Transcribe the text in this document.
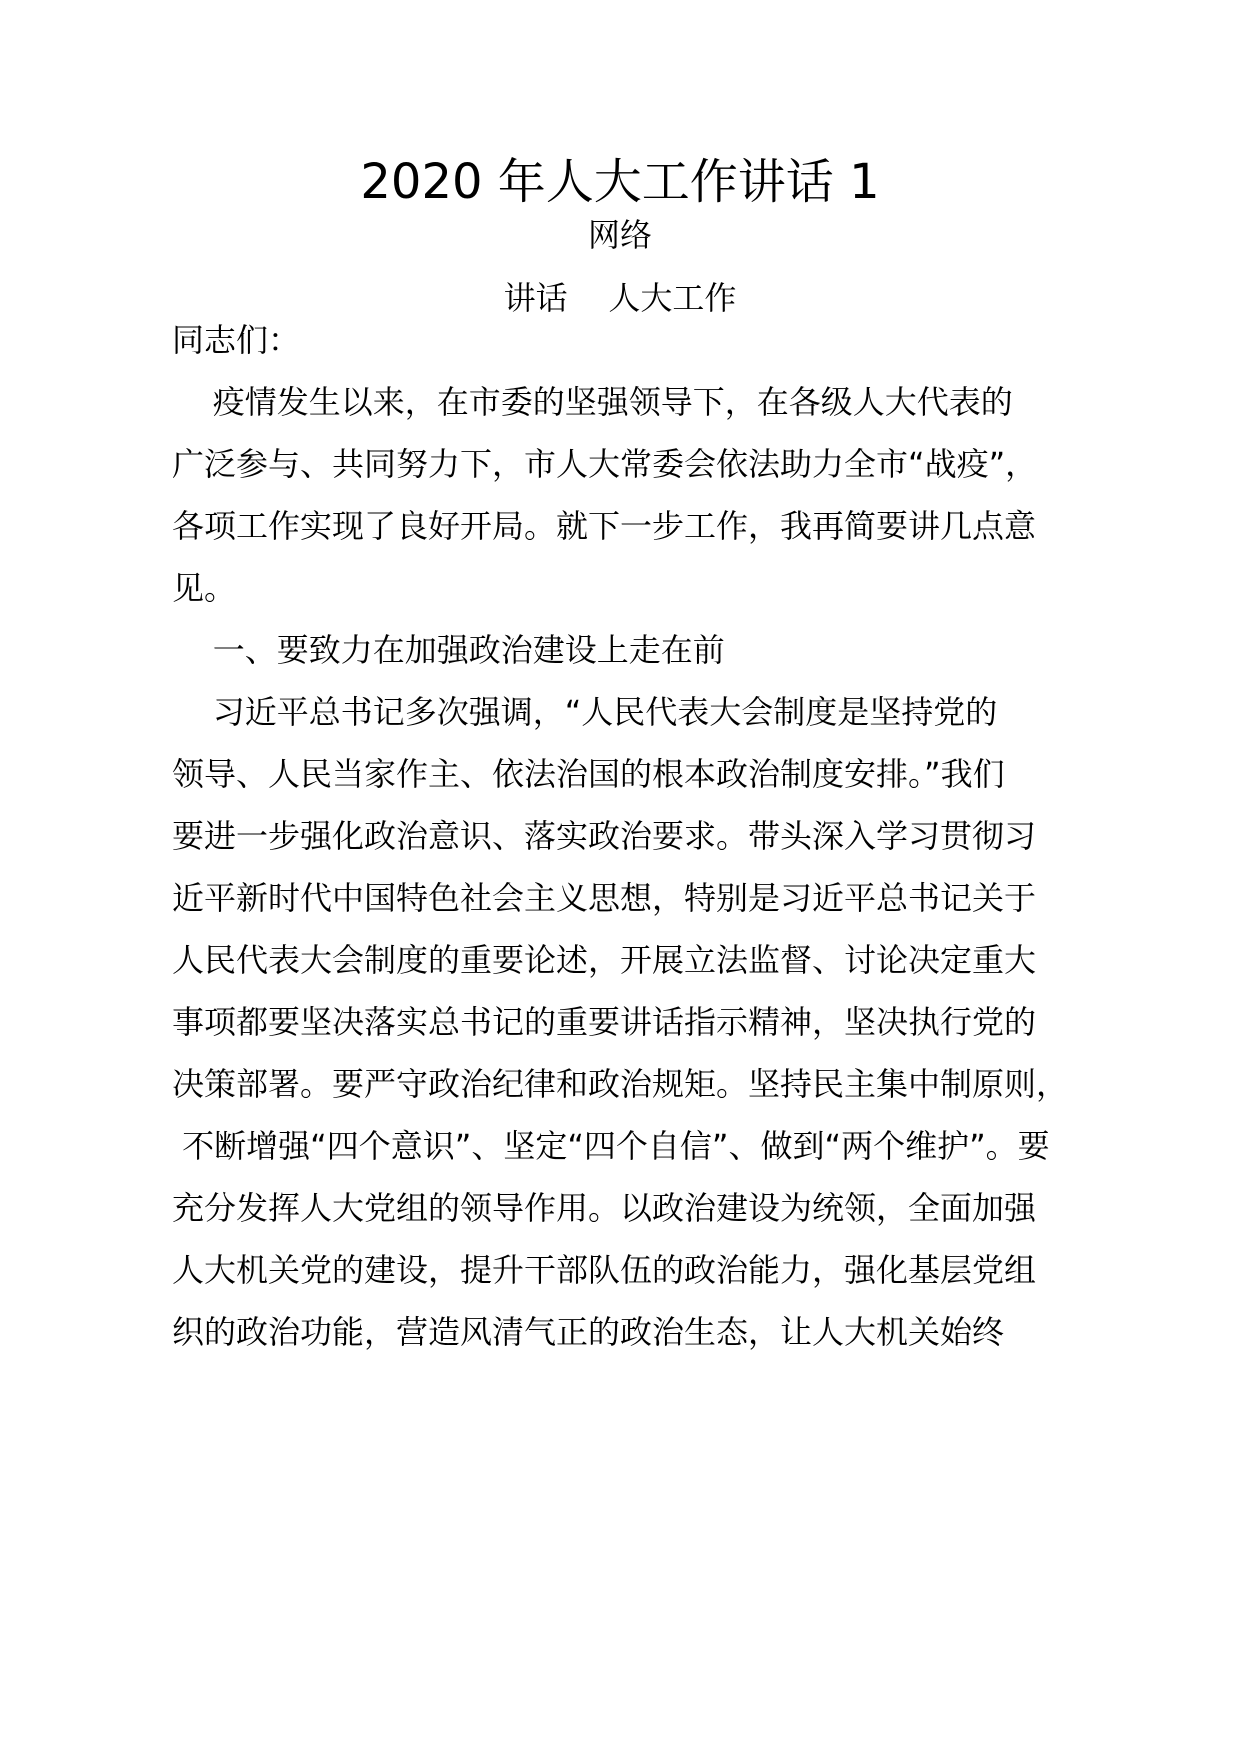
2020 年人大工作讲话 1
网络
讲话    人大工作
同志们：
疫情发生以来，在市委的坚强领导下，在各级人大代表的
广泛参与、共同努力下，市人大常委会依法助力全市“战疫”，
各项工作实现了良好开局。就下一步工作，我再简要讲几点意
见。
一、要致力在加强政治建设上走在前
习近平总书记多次强调，“人民代表大会制度是坚持党的
领导、人民当家作主、依法治国的根本政治制度安排。”我们
要进一步强化政治意识、落实政治要求。带头深入学习贯彻习
近平新时代中国特色社会主义思想，特别是习近平总书记关于
人民代表大会制度的重要论述，开展立法监督、讨论决定重大
事项都要坚决落实总书记的重要讲话指示精神，坚决执行党的
决策部署。要严守政治纪律和政治规矩。坚持民主集中制原则，
不断增强“四个意识”、坚定“四个自信”、做到“两个维护”。要
充分发挥人大党组的领导作用。以政治建设为统领，全面加强
人大机关党的建设，提升干部队伍的政治能力，强化基层党组
织的政治功能，营造风清气正的政治生态，让人大机关始终
